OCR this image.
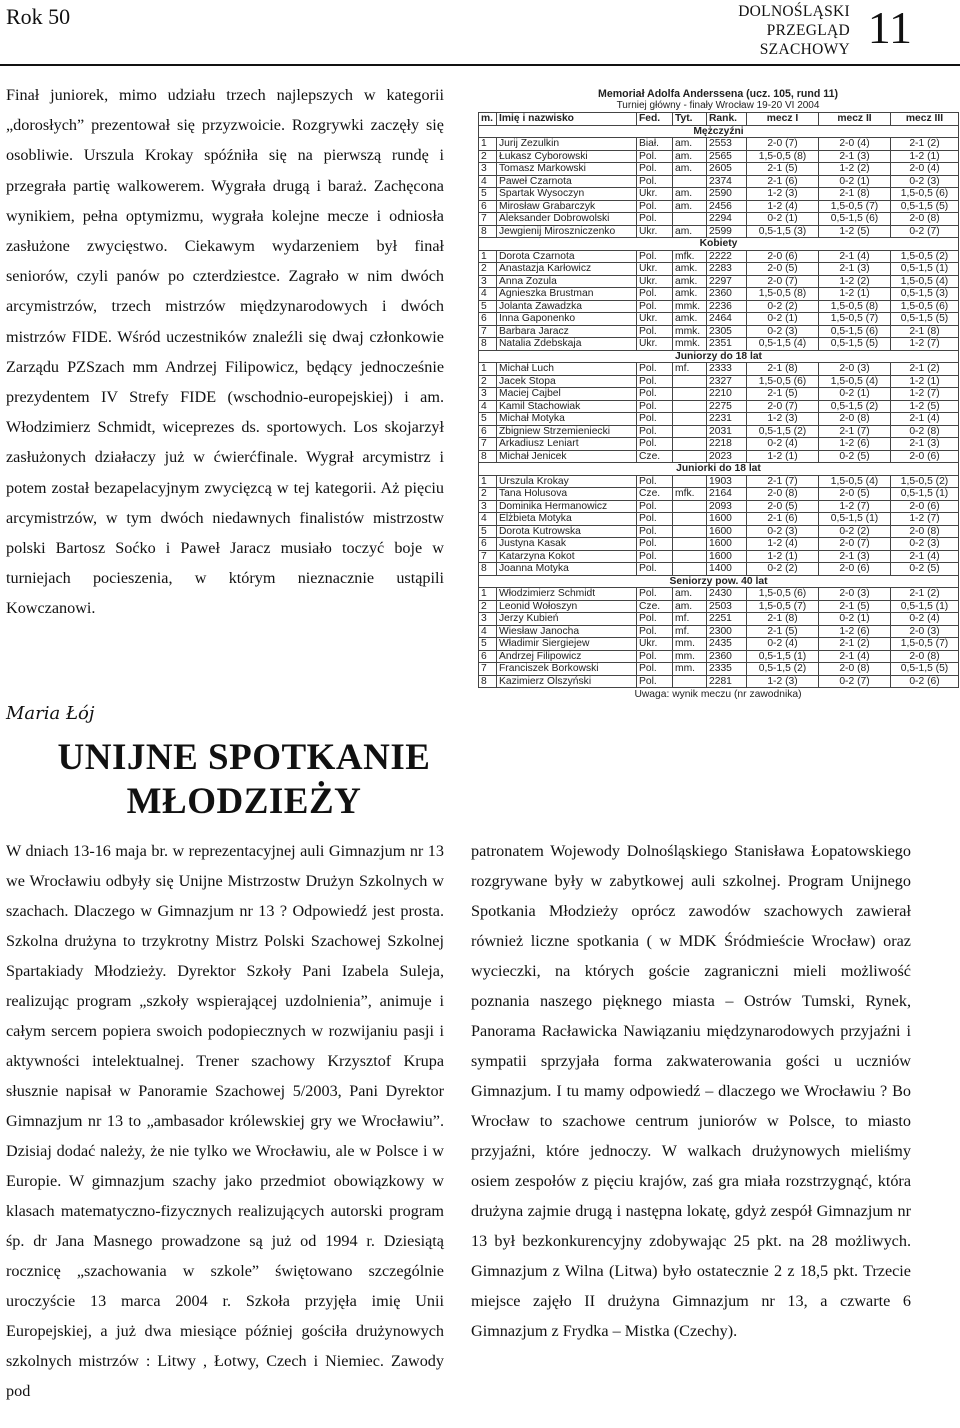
Rok 50	DOLNOŚLĄSKI
PRZEGLĄD
SZACHOWY 11

Finał juniorek, mimo udziału trzech najlepszych w kategorii „dorosłych” prezentował się przyzwoicie. Rozgrywki zaczęły się osobliwie. Urszula Krokay spóźniła się na pierwszą rundę i przegrała partię walkowerem. Wygrała drugą i baraż. Zachęcona wynikiem, pełna optymizmu, wygrała kolejne mecze i odniosła zasłużone zwycięstwo. Ciekawym wydarzeniem był finał seniorów, czyli panów po czterdziestce. Zagrało w nim dwóch arcymistrzów, trzech mistrzów międzynarodowych i dwóch mistrzów FIDE. Wśród uczestników znaleźli się dwaj członkowie Zarządu PZSzach mm Andrzej Filipowicz, będący jednocześnie prezydentem IV Strefy FIDE (wschodnio-europejskiej) i am. Włodzimierz Schmidt, wiceprezes ds. sportowych. Los skojarzył zasłużonych działaczy już w ćwierćfinale. Wygrał arcymistrz i potem został bezapelacyjnym zwycięzcą w tej kategorii. Aż pięciu arcymistrzów, w tym dwóch niedawnych finalistów mistrzostw polski Bartosz Soćko i Paweł Jaracz musiało toczyć boje w turniejach pocieszenia, w którym nieznacznie ustąpili Kowczanowi.

Maria Łój
UNIJNE SPOTKANIE MŁODZIEŻY

W dniach 13-16 maja br. w reprezentacyjnej auli Gimnazjum nr 13 we Wrocławiu odbyły się Unijne Mistrzostw Drużyn Szkolnych w szachach. Dlaczego w Gimnazjum nr 13 ? Odpowiedź jest prosta. Szkolna drużyna to trzykrotny Mistrz Polski Szachowej Szkolnej Spartakiady Młodzieży. Dyrektor Szkoły Pani Izabela Suleja, realizując program „szkoły wspierającej uzdolnienia”, animuje i całym sercem popiera swoich podopiecznych w rozwijaniu pasji i aktywności intelektualnej. Trener szachowy Krzysztof Krupa słusznie napisał w Panoramie Szachowej 5/2003, Pani Dyrektor Gimnazjum nr 13 to „ambasador królewskiej gry we Wrocławiu”. Dzisiaj dodać należy, że nie tylko we Wrocławiu, ale w Polsce i w Europie. W gimnazjum szachy jako przedmiot obowiązkowy w klasach matematyczno-fizycznych realizujących autorski program śp. dr Jana Masnego prowadzone są już od 1994 r. Dziesiątą rocznicę „szachowania w szkole” świętowano szczególnie uroczyście 13 marca 2004 r. Szkoła przyjęła imię Unii Europejskiej, a już dwa miesiące później gościła drużynowych szkolnych mistrzów : Litwy , Łotwy, Czech i Niemiec. Zawody pod

patronatem Wojewody Dolnośląskiego Stanisława Łopatowskiego rozgrywane były w zabytkowej auli szkolnej. Program Unijnego Spotkania Młodzieży oprócz zawodów szachowych zawierał również liczne spotkania ( w MDK Śródmieście Wrocław) oraz wycieczki, na których goście zagraniczni mieli możliwość poznania naszego pięknego miasta – Ostrów Tumski, Rynek, Panorama Racławicka Nawiązaniu międzynarodowych przyjaźni i sympatii sprzyjała forma zakwaterowania gości u uczniów Gimnazjum. I tu mamy odpowiedź – dlaczego we Wrocławiu ? Bo Wrocław to szachowe centrum juniorów w Polsce, to miasto przyjaźni, które jednoczy. W walkach drużynowych mieliśmy osiem zespołów z pięciu krajów, zaś gra miała rozstrzygnąć, która drużyna zajmie drugą i następna lokatę, gdyż zespół Gimnazjum nr 13 był bezkonkurencyjny zdobywając 25 pkt. na 28 możliwych. Gimnazjum z Wilna (Litwa) było ostatecznie 2 z 18,5 pkt. Trzecie miejsce zajęło II drużyna Gimnazjum nr 13, a czwarte 6 Gimnazjum z Frydka – Mistka (Czechy).

Memoriał Adolfa Anderssena (ucz. 105, rund 11)
Turniej główny - finały Wrocław 19-20 VI 2004
m.	Imię i nazwisko	Fed.	Tyt.	Rank.	mecz I	mecz II	mecz III
Mężczyźni							
1	Jurij Zezulkin	Biał.	am.	2553	2-0 (7)	2-0 (4)	2-1 (2)
2	Łukasz Cyborowski	Pol.	am.	2565	1,5-0,5 (8)	2-1 (3)	1-2 (1)
3	Tomasz Markowski	Pol.	am.	2605	2-1 (5)	1-2 (2)	2-0 (4)
4	Paweł Czarnota	Pol.		2374	2-1 (6)	0-2 (1)	0-2 (3)
5	Spartak Wysoczyn	Ukr.	am.	2590	1-2 (3)	2-1 (8)	1,5-0,5 (6)
6	Mirosław Grabarczyk	Pol.	am.	2456	1-2 (4)	1,5-0,5 (7)	0,5-1,5 (5)
7	Aleksander Dobrowolski	Pol.		2294	0-2 (1)	0,5-1,5 (6)	2-0 (8)
8	Jewgienij Miroszniczenko	Ukr.	am.	2599	0,5-1,5 (3)	1-2 (5)	0-2 (7)
Kobiety							
1	Dorota Czarnota	Pol.	mfk.	2222	2-0 (6)	2-1 (4)	1,5-0,5 (2)
2	Anastazja Karłowicz	Ukr.	amk.	2283	2-0 (5)	2-1 (3)	0,5-1,5 (1)
3	Anna Zozula	Ukr.	amk.	2297	2-0 (7)	1-2 (2)	1,5-0,5 (4)
4	Agnieszka Brustman	Pol.	amk.	2360	1,5-0,5 (8)	1-2 (1)	0,5-1,5 (3)
5	Jolanta Zawadzka	Pol.	mmk.	2236	0-2 (2)	1,5-0,5 (8)	1,5-0,5 (6)
6	Inna Gaponenko	Ukr.	amk.	2464	0-2 (1)	1,5-0,5 (7)	0,5-1,5 (5)
7	Barbara Jaracz	Pol.	mmk.	2305	0-2 (3)	0,5-1,5 (6)	2-1 (8)
8	Natalia Zdebskaja	Ukr.	mmk.	2351	0,5-1,5 (4)	0,5-1,5 (5)	1-2 (7)
Juniorzy do 18 lat							
1	Michał Luch	Pol.	mf.	2333	2-1 (8)	2-0 (3)	2-1 (2)
2	Jacek Stopa	Pol.		2327	1,5-0,5 (6)	1,5-0,5 (4)	1-2 (1)
3	Maciej Cajbel	Pol.		2210	2-1 (5)	0-2 (1)	1-2 (7)
4	Kamil Stachowiak	Pol.		2275	2-0 (7)	0,5-1,5 (2)	1-2 (5)
5	Michał Motyka	Pol.		2231	1-2 (3)	2-0 (8)	2-1 (4)
6	Zbigniew Strzemieniecki	Pol.		2031	0,5-1,5 (2)	2-1 (7)	0-2 (8)
7	Arkadiusz Leniart	Pol.		2218	0-2 (4)	1-2 (6)	2-1 (3)
8	Michał Jenicek	Cze.		2023	1-2 (1)	0-2 (5)	2-0 (6)
Juniorki do 18 lat							
1	Urszula Krokay	Pol.		1903	2-1 (7)	1,5-0,5 (4)	1,5-0,5 (2)
2	Tana Holusova	Cze.	mfk.	2164	2-0 (8)	2-0 (5)	0,5-1,5 (1)
3	Dominika Hermanowicz	Pol.		2093	2-0 (5)	1-2 (7)	2-0 (6)
4	Elżbieta Motyka	Pol.		1600	2-1 (6)	0,5-1,5 (1)	1-2 (7)
5	Dorota Kutrowska	Pol.		1600	0-2 (3)	0-2 (2)	2-0 (8)
6	Justyna Kasak	Pol.		1600	1-2 (4)	2-0 (7)	0-2 (3)
7	Katarzyna Kokot	Pol.		1600	1-2 (1)	2-1 (3)	2-1 (4)
8	Joanna Motyka	Pol.		1400	0-2 (2)	2-0 (6)	0-2 (5)
Seniorzy pow. 40 lat							
1	Włodzimierz Schmidt	Pol.	am.	2430	1,5-0,5 (6)	2-0 (3)	2-1 (2)
2	Leonid Wołoszyn	Cze.	am.	2503	1,5-0,5 (7)	2-1 (5)	0,5-1,5 (1)
3	Jerzy Kubień	Pol.	mf.	2251	2-1 (8)	0-2 (1)	0-2 (4)
4	Wiesław Janocha	Pol.	mf.	2300	2-1 (5)	1-2 (6)	2-0 (3)
5	Władimir Siergiejew	Ukr.	mm.	2435	0-2 (4)	2-1 (2)	1,5-0,5 (7)
6	Andrzej Filipowicz	Pol.	mm.	2360	0,5-1,5 (1)	2-1 (4)	2-0 (8)
7	Franciszek Borkowski	Pol.	mm.	2335	0,5-1,5 (2)	2-0 (8)	0,5-1,5 (5)
8	Kazimierz Olszyński	Pol.		2281	1-2 (3)	0-2 (7)	0-2 (6)
Uwaga: wynik meczu (nr zawodnika)
